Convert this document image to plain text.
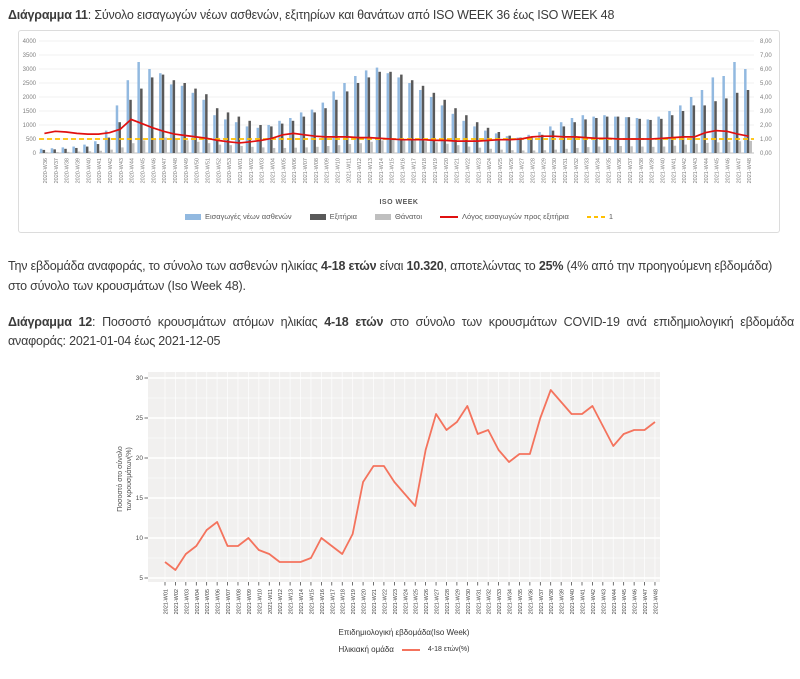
Διάγραμμα 11: Σύνολο εισαγωγών νέων ασθενών, εξιτηρίων και θανάτων από ISO WEEK 36 έως ISO WEEK 48
0	0,00
500	1,00
1000	2,00
1500	3,00
2000	4,00
2500	5,00
3000	6,00
3500	7,00
4000	8,00
2020-W36 2020-W37 2020-W38 2020-W39 2020-W40 2020-W41 2020-W42 2020-W43 2020-W44 2020-W45 2020-W46 2020-W47 2020-W48 2020-W49 2020-W50 2020-W51 2020-W52 2020-W53 2021-W01 2021-W02 2021-W03 2021-W04 2021-W05 2021-W06 2021-W07 2021-W08 2021-W09 2021-W10 2021-W11 2021-W12 2021-W13 2021-W14 2021-W15 2021-W16 2021-W17 2021-W18 2021-W19 2021-W20 2021-W21 2021-W22 2021-W23 2021-W24 2021-W25 2021-W26 2021-W27 2021-W28 2021-W29 2021-W30 2021-W31 2021-W32 2021-W33 2021-W34 2021-W35 2021-W36 2021-W37 2021-W38 2021-W39 2021-W40 2021-W41 2021-W42 2021-W43 2021-W44 2021-W45 2021-W46 2021-W47 2021-W48
ISO WEEK
Εισαγωγές νέων ασθενών	Εξιτήρια	Θάνατοι	Λόγος εισαγωγών προς εξιτήρια	1
Την εβδομάδα αναφοράς, το σύνολο των ασθενών ηλικίας 4-18 ετών είναι 10.320, αποτελώντας το 25% (4% από την προηγούμενη εβδομάδα) στο σύνολο των κρουσμάτων (Iso Week 48).
Διάγραμμα 12: Ποσοστό κρουσμάτων ατόμων ηλικίας 4-18 ετών στο σύνολο των κρουσμάτων COVID-19 ανά επιδημιολογική εβδομάδα αναφοράς: 2021-01-04 έως 2021-12-05
Ποσοστό στο σύνολο των κρουσμάτων(%)
5
10
15
20
25
30
2021-W01 2021-W02 2021-W03 2021-W04 2021-W05 2021-W06 2021-W07 2021-W08 2021-W09 2021-W10 2021-W11 2021-W12 2021-W13 2021-W14 2021-W15 2021-W16 2021-W17 2021-W18 2021-W19 2021-W20 2021-W21 2021-W22 2021-W23 2021-W24 2021-W25 2021-W26 2021-W27 2021-W28 2021-W29 2021-W30 2021-W31 2021-W32 2021-W33 2021-W34 2021-W35 2021-W36 2021-W37 2021-W38 2021-W39 2021-W40 2021-W41 2021-W42 2021-W43 2021-W44 2021-W45 2021-W46 2021-W47 2021-W48
Επιδημιολογική εβδομάδα(Iso Week)
Ηλικιακή ομάδα	4-18 ετών(%)
